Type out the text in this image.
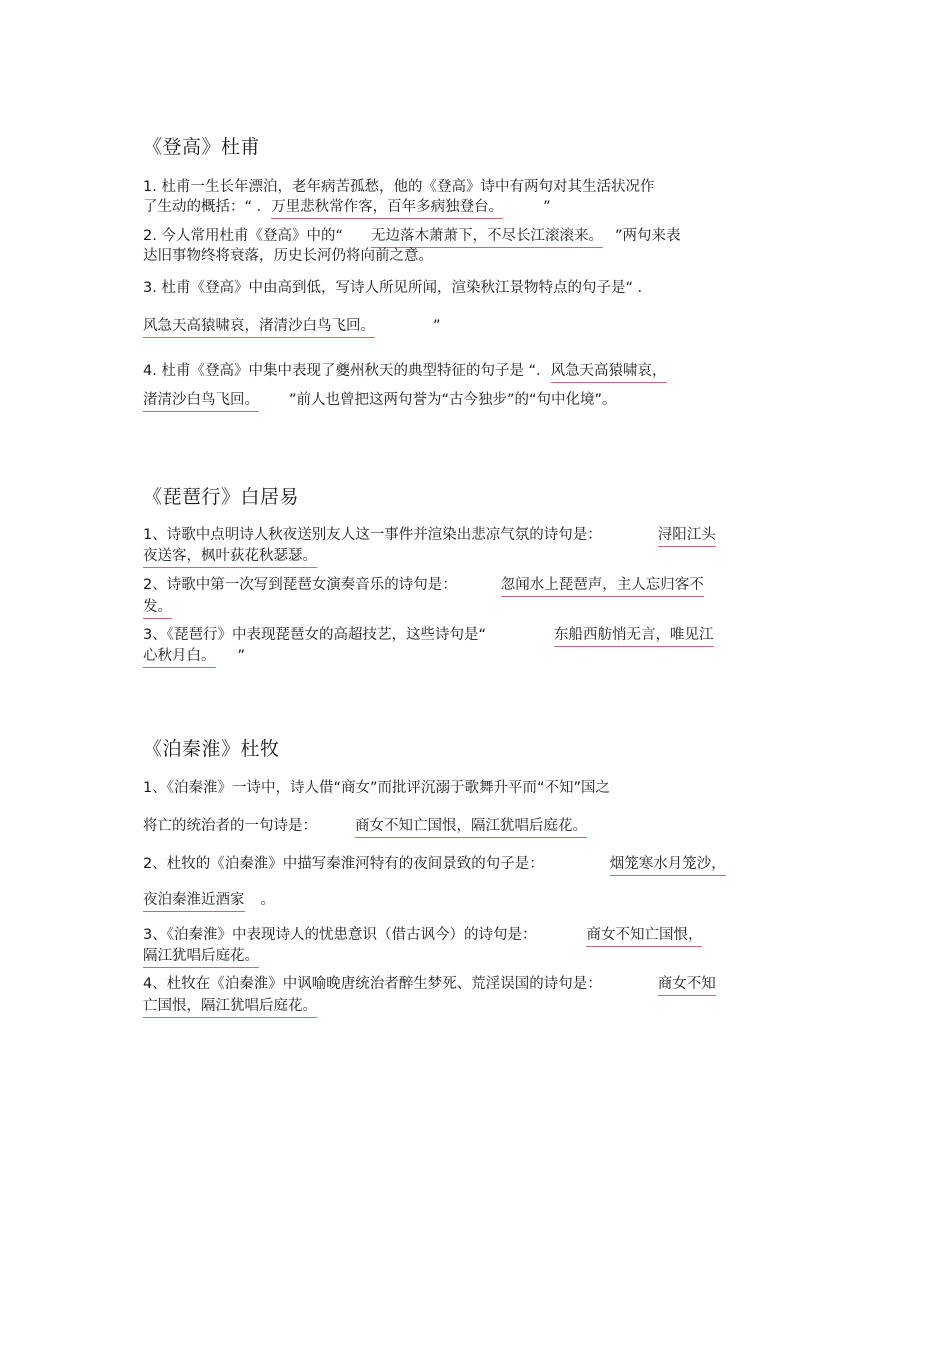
《登高》杜甫
1. 杜甫一生长年漂泊，老年病苦孤愁，他的《登高》诗中有两句对其生活状况作
了生动的概括：“ ．万里悲秋常作客，百年多病独登台。	”
2. 今人常用杜甫《登高》中的“ 无边落木萧萧下，不尽长江滚滚来。 ”两句来表
达旧事物终将衰落，历史长河仍将向前之意。
3. 杜甫《登高》中由高到低，写诗人所见所闻，渲染秋江景物特点的句子是“ ．
风急天高猿啸哀，渚清沙白鸟飞回。	”
4. 杜甫《登高》中集中表现了夔州秋天的典型特征的句子是 “．风急天高猿啸哀，
渚清沙白鸟飞回。 ”前人也曾把这两句誉为“古今独步”的“句中化境”。
《琵琶行》白居易
1、诗歌中点明诗人秋夜送别友人这一事件并渲染出悲凉气氛的诗句是：	浔阳江头
夜送客，枫叶荻花秋瑟瑟。
2、诗歌中第一次写到琵琶女演奏音乐的诗句是：	忽闻水上琵琶声，主人忘归客不
发。
3、《琵琶行》中表现琵琶女的高超技艺，这些诗句是“	东船西舫悄无言，唯见江
心秋月白。 ”
《泊秦淮》杜牧
1、《泊秦淮》一诗中，诗人借“商女”而批评沉溺于歌舞升平而“不知”国之
将亡的统治者的一句诗是：	商女不知亡国恨，隔江犹唱后庭花。
2、杜牧的《泊秦淮》中描写秦淮河特有的夜间景致的句子是：	烟笼寒水月笼沙，
夜泊秦淮近酒家 。
3、《泊秦淮》中表现诗人的忧患意识（借古讽今）的诗句是：	商女不知亡国恨，
隔江犹唱后庭花。
4、杜牧在《泊秦淮》中讽喻晚唐统治者醉生梦死、荒淫误国的诗句是：	商女不知
亡国恨，隔江犹唱后庭花。
